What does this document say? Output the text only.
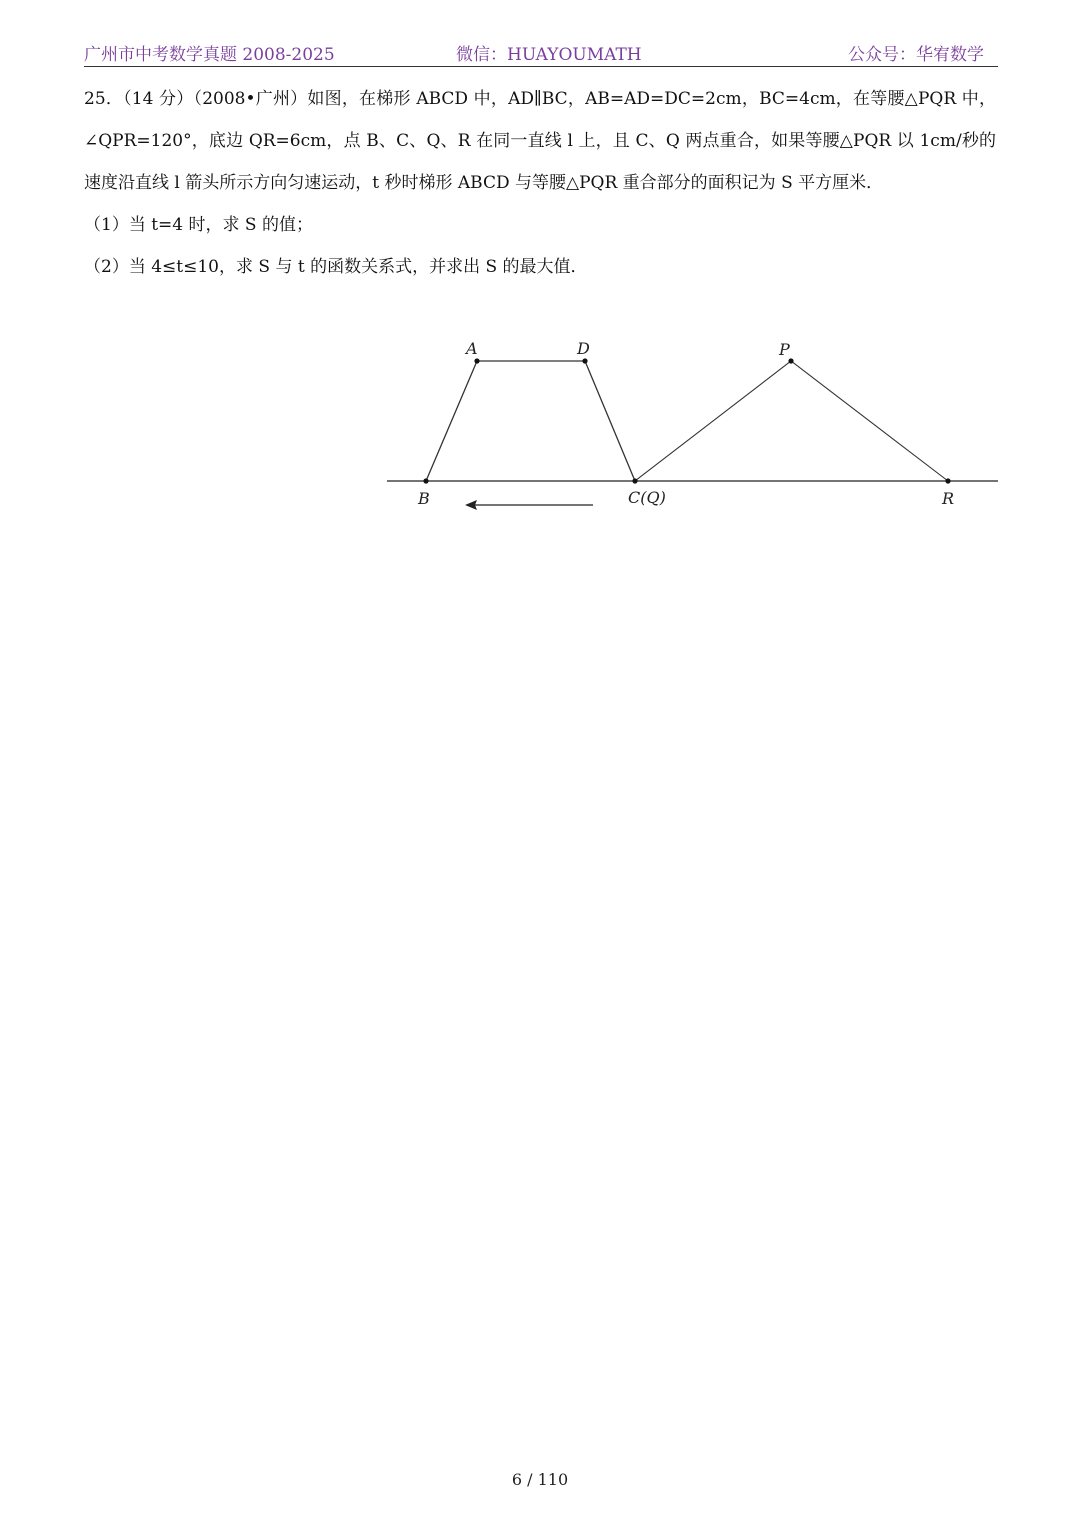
广州市中考数学真题 2008-2025	微信：HUAYOUMATH	公众号：华宥数学

25．（14 分）（2008•广州）如图，在梯形 ABCD 中，AD∥BC，AB=AD=DC=2cm，BC=4cm，在等腰△PQR 中，∠QPR=120°，底边 QR=6cm，点 B、C、Q、R 在同一直线 l 上，且 C、Q 两点重合，如果等腰△PQR 以 1cm/秒的速度沿直线 l 箭头所示方向匀速运动，t 秒时梯形 ABCD 与等腰△PQR 重合部分的面积记为 S 平方厘米．

（1）当 t=4 时，求 S 的值；

（2）当 4≤t≤10，求 S 与 t 的函数关系式，并求出 S 的最大值．

A	D	P
B	C(Q)	R
6 / 110
